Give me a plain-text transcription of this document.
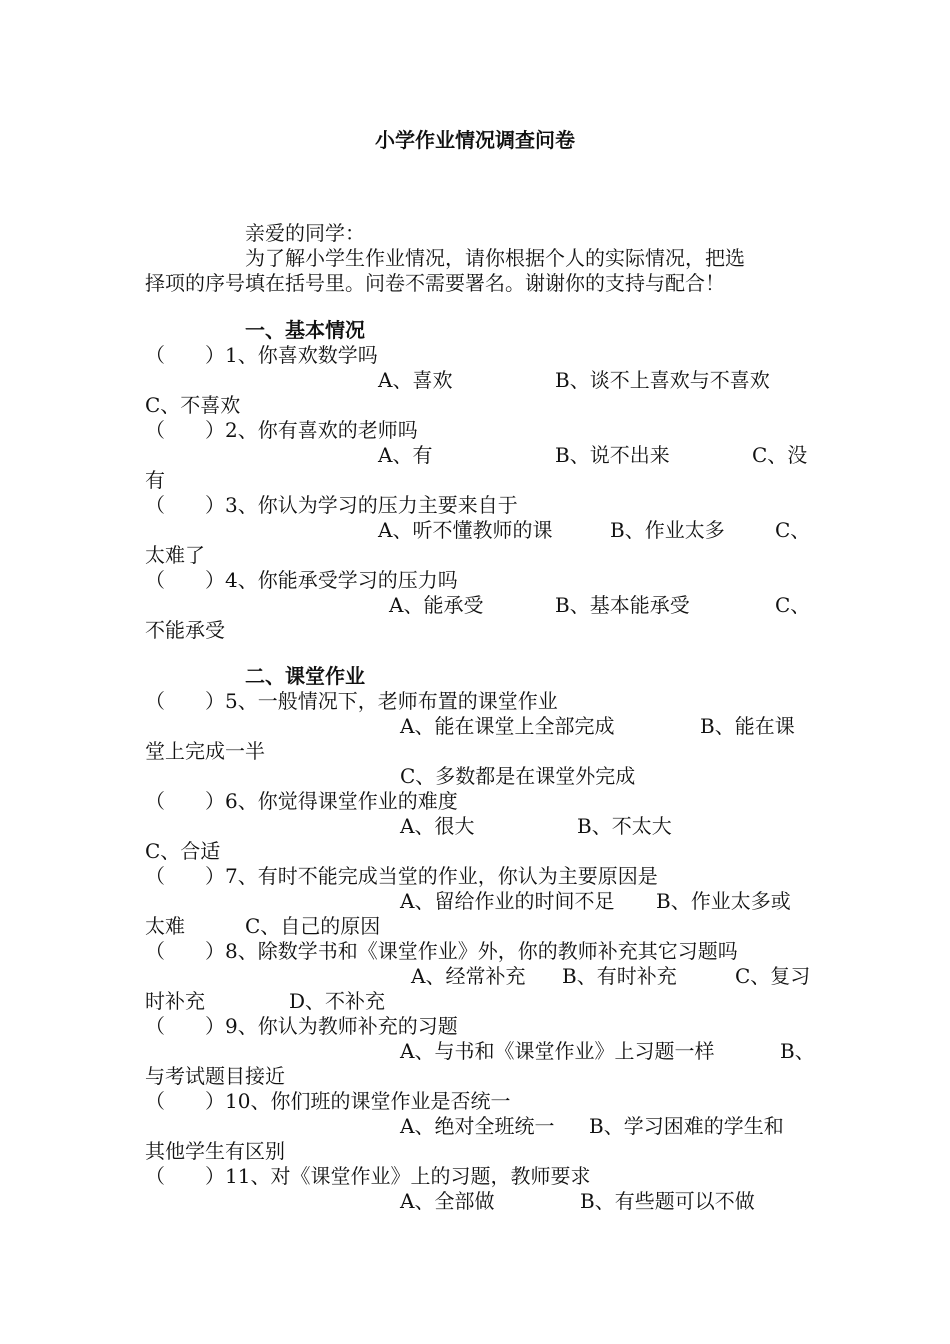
小学作业情况调查问卷
亲爱的同学：
为了解小学生作业情况，请你根据个人的实际情况，把选
择项的序号填在括号里。问卷不需要署名。谢谢你的支持与配合！
一、基本情况
（　　）1、你喜欢数学吗
A、喜欢	B、谈不上喜欢与不喜欢
C、不喜欢
（　　）2、你有喜欢的老师吗
A、有	B、说不出来	C、没
有
（　　）3、你认为学习的压力主要来自于
A、听不懂教师的课	B、作业太多	C、
太难了
（　　）4、你能承受学习的压力吗
A、能承受	B、基本能承受	C、
不能承受
二、课堂作业
（　　）5、一般情况下，老师布置的课堂作业
A、能在课堂上全部完成	B、能在课
堂上完成一半
C、多数都是在课堂外完成
（　　）6、你觉得课堂作业的难度
A、很大	B、不太大
C、合适
（　　）7、有时不能完成当堂的作业，你认为主要原因是
A、留给作业的时间不足 B、作业太多或
太难	C、自己的原因
（　　）8、除数学书和《课堂作业》外，你的教师补充其它习题吗
A、经常补充 B、有时补充	C、复习
时补充	D、不补充
（　　）9、你认为教师补充的习题
A、与书和《课堂作业》上习题一样	B、
与考试题目接近
（　　）10、你们班的课堂作业是否统一
A、绝对全班统一 B、学习困难的学生和
其他学生有区别
（　　）11、对《课堂作业》上的习题，教师要求
A、全部做	B、有些题可以不做
